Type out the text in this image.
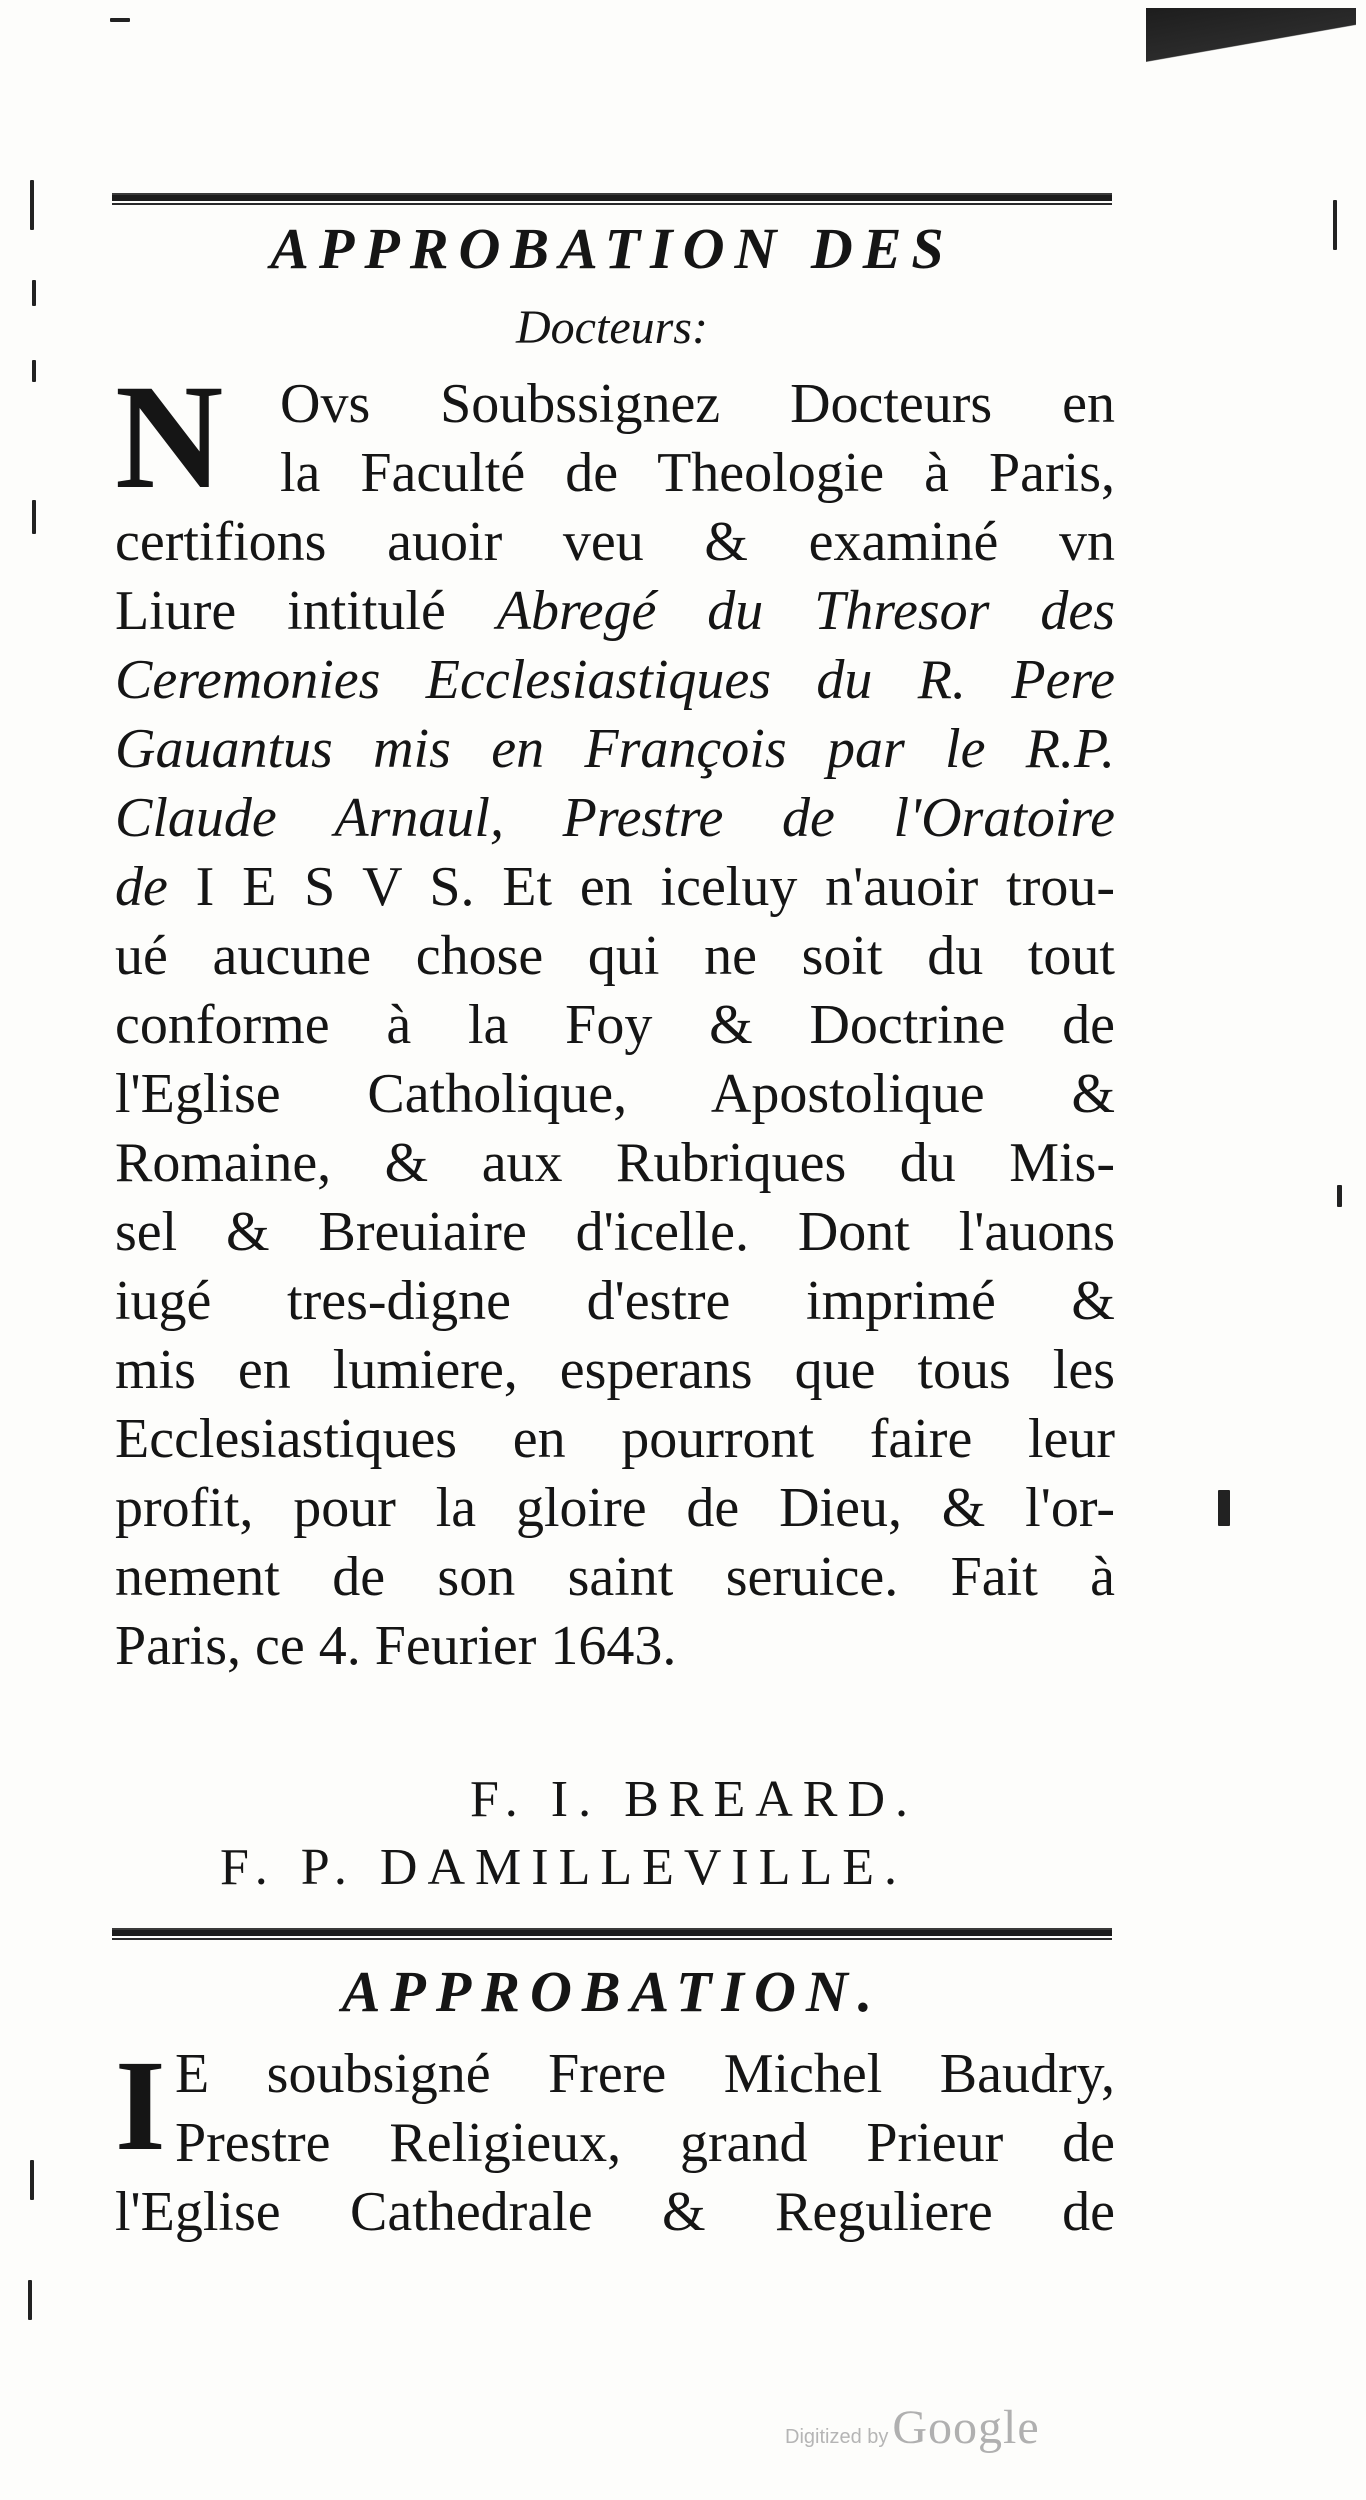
APPROBATION DES
Docteurs:
N	Ovs Soubssignez Docteurs en
la Faculté de Theologie à Paris,
certifions auoir veu & examiné vn
Liure intitulé Abregé du Thresor des
Ceremonies Ecclesiastiques du R. Pere
Gauantus mis en François par le R.P.
Claude Arnaul, Prestre de l'Oratoire
de I E S V S. Et en iceluy n'auoir trou-
ué aucune chose qui ne soit du tout
conforme à la Foy & Doctrine de
l'Eglise Catholique, Apostolique &
Romaine, & aux Rubriques du Mis-
sel & Breuiaire d'icelle. Dont l'auons
iugé tres-digne d'estre imprimé &
mis en lumiere, esperans que tous les
Ecclesiastiques en pourront faire leur
profit, pour la gloire de Dieu, & l'or-
nement de son saint seruice. Fait à
Paris, ce 4. Feurier 1643.
F. I. BREARD.
F. P. DAMILLEVILLE.
APPROBATION.
I E soubsigné Frere Michel Baudry,
Prestre Religieux, grand Prieur de
l'Eglise Cathedrale & Reguliere de
Digitized by Google
